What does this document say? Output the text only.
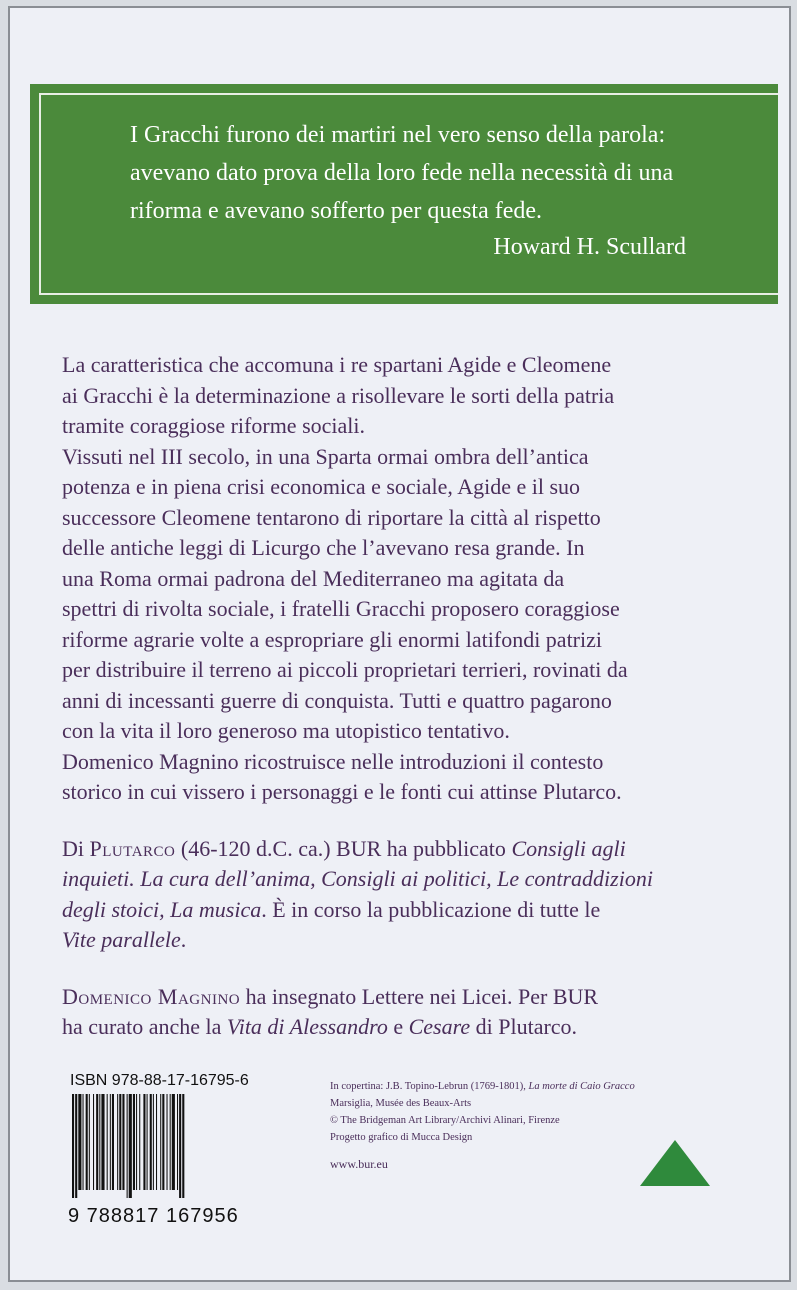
I Gracchi furono dei martiri nel vero senso della parola:

avevano dato prova della loro fede nella necessità di una

riforma e avevano sofferto per questa fede.

Howard H. Scullard

La caratteristica che accomuna i re spartani Agide e Cleomene

ai Gracchi è la determinazione a risollevare le sorti della patria

tramite coraggiose riforme sociali.

Vissuti nel III secolo, in una Sparta ormai ombra dell’antica

potenza e in piena crisi economica e sociale, Agide e il suo

successore Cleomene tentarono di riportare la città al rispetto

delle antiche leggi di Licurgo che l’avevano resa grande. In

una Roma ormai padrona del Mediterraneo ma agitata da

spettri di rivolta sociale, i fratelli Gracchi proposero coraggiose

riforme agrarie volte a espropriare gli enormi latifondi patrizi

per distribuire il terreno ai piccoli proprietari terrieri, rovinati da

anni di incessanti guerre di conquista. Tutti e quattro pagarono

con la vita il loro generoso ma utopistico tentativo.

Domenico Magnino ricostruisce nelle introduzioni il contesto

storico in cui vissero i personaggi e le fonti cui attinse Plutarco.

Di Plutarco (46-120 d.C. ca.) BUR ha pubblicato Consigli agli

inquieti. La cura dell’anima, Consigli ai politici, Le contraddizioni

degli stoici, La musica. È in corso la pubblicazione di tutte le

Vite parallele.

Domenico Magnino ha insegnato Lettere nei Licei. Per BUR

ha curato anche la Vita di Alessandro e Cesare di Plutarco.

ISBN 978-88-17-16795-6
9 788817 167956

In copertina: J.B. Topino-Lebrun (1769-1801), La morte di Caio Gracco

Marsiglia, Musée des Beaux-Arts

© The Bridgeman Art Library/Archivi Alinari, Firenze

Progetto grafico di Mucca Design

www.bur.eu
